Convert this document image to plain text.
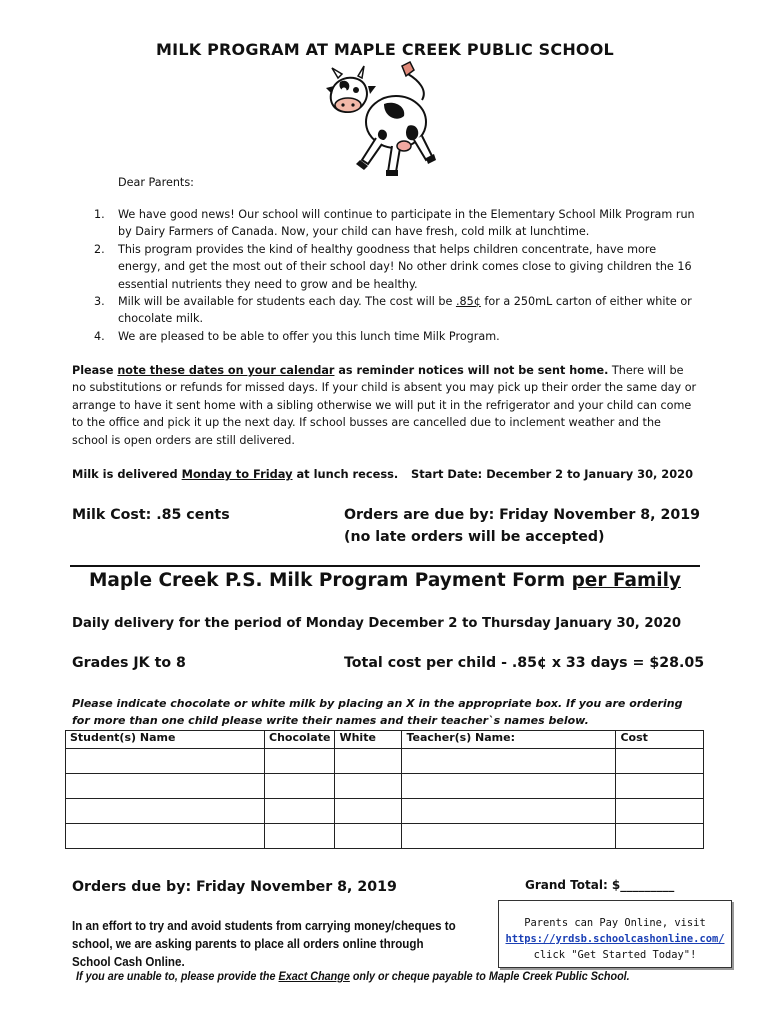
MILK PROGRAM AT MAPLE CREEK PUBLIC SCHOOL
Dear Parents:
1. We have good news! Our school will continue to participate in the Elementary School Milk Program run by Dairy Farmers of Canada. Now, your child can have fresh, cold milk at lunchtime.
2. This program provides the kind of healthy goodness that helps children concentrate, have more energy, and get the most out of their school day! No other drink comes close to giving children the 16 essential nutrients they need to grow and be healthy.
3. Milk will be available for students each day. The cost will be .85¢ for a 250mL carton of either white or chocolate milk.
4. We are pleased to be able to offer you this lunch time Milk Program.
Please note these dates on your calendar as reminder notices will not be sent home. There will be no substitutions or refunds for missed days. If your child is absent you may pick up their order the same day or arrange to have it sent home with a sibling otherwise we will put it in the refrigerator and your child can come to the office and pick it up the next day. If school busses are cancelled due to inclement weather and the school is open orders are still delivered.
Milk is delivered Monday to Friday at lunch recess. Start Date: December 2 to January 30, 2020
Milk Cost: .85 cents	Orders are due by: Friday November 8, 2019
(no late orders will be accepted)
Maple Creek P.S. Milk Program Payment Form per Family
Daily delivery for the period of Monday December 2 to Thursday January 30, 2020
Grades JK to 8	Total cost per child - .85¢ x 33 days = $28.05
Please indicate chocolate or white milk by placing an X in the appropriate box. If you are ordering for more than one child please write their names and their teacher`s names below.
Student(s) Name	Chocolate	White	Teacher(s) Name:	Cost

Orders due by: Friday November 8, 2019	Grand Total: $_________
Parents can Pay Online, visit
https://yrdsb.schoolcashonline.com/
click "Get Started Today"!
In an effort to try and avoid students from carrying money/cheques to school, we are asking parents to place all orders online through School Cash Online.
If you are unable to, please provide the Exact Change only or cheque payable to Maple Creek Public School.
